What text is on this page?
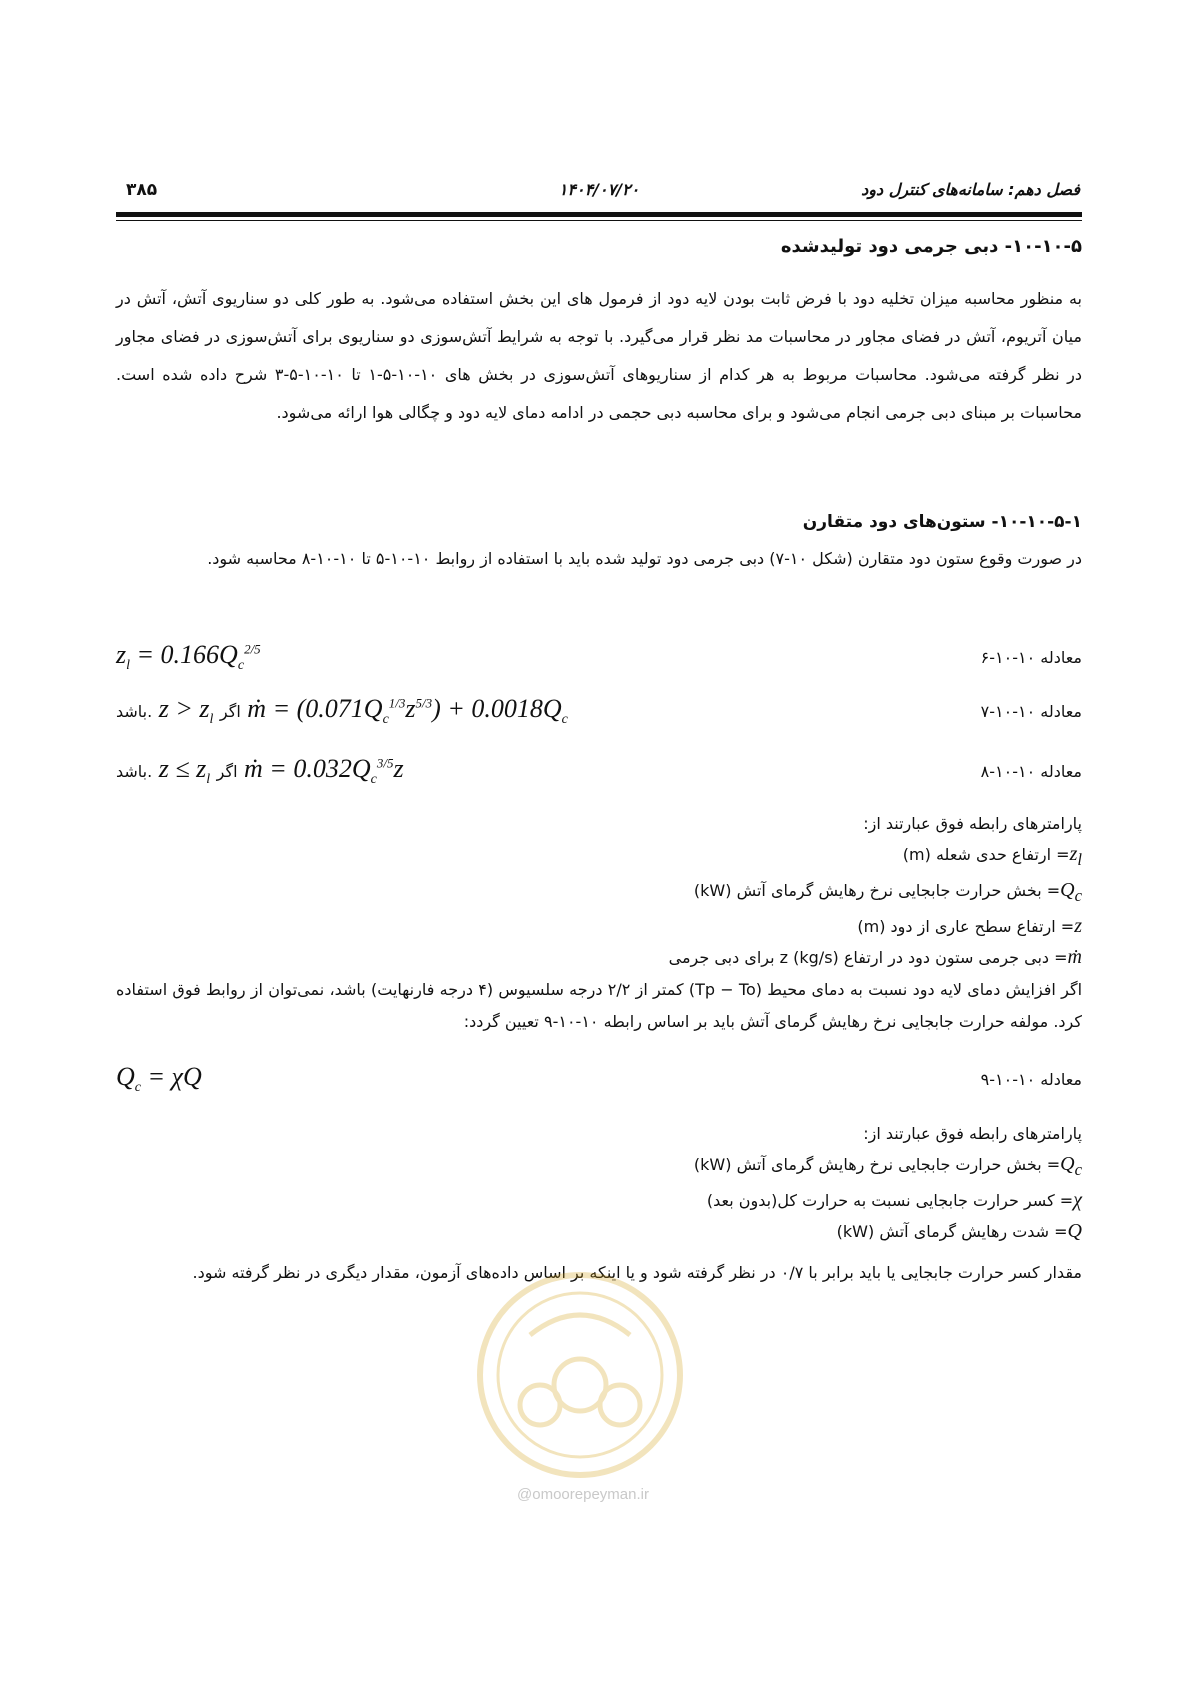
فصل دهم: سامانه‌های کنترل دود
۱۴۰۴/۰۷/۲۰
۳۸۵
۱۰-۱۰-۵- دبی جرمی دود تولیدشده
به منظور محاسبه میزان تخلیه دود با فرض ثابت بودن لایه دود از فرمول های این بخش استفاده می‌شود. به طور کلی دو سناریوی آتش، آتش در میان آتریوم، آتش در فضای مجاور در محاسبات مد نظر قرار می‌گیرد. با توجه به شرایط آتش‌سوزی دو سناریوی برای آتش‌سوزی در فضای مجاور در نظر گرفته می‌شود. محاسبات مربوط به هر کدام از سناریوهای آتش‌سوزی در بخش های ۱۰-۱۰-۵-۱ تا ۱۰-۱۰-۵-۳ شرح داده شده است. محاسبات بر مبنای دبی جرمی انجام می‌شود و برای محاسبه دبی حجمی در ادامه دمای لایه دود و چگالی هوا ارائه می‌شود.
۱۰-۱۰-۵-۱- ستون‌های دود متقارن
در صورت وقوع ستون دود متقارن (شکل ۱۰-۷) دبی جرمی دود تولید شده باید با استفاده از روابط ۱۰-۱۰-۵ تا ۱۰-۱۰-۸ محاسبه شود.
معادله ۱۰-۱۰-۶
$z_l = 0.166Q_c^{2/5}$
معادله ۱۰-۱۰-۷
باشد. $z > z_l$ اگر ṁ = $(0.071Q_c^{1/3}z^{5/3}) + 0.0018Q_c$
معادله ۱۰-۱۰-۸
باشد. $z \le z_l$ اگر ṁ = $0.032Q_c^{3/5}z$
پارامترهای رابطه فوق عبارتند از:
$z_l=$ ارتفاع حدی شعله (m)
$Q_c=$ بخش حرارت جابجایی نرخ رهایش گرمای آتش (kW)
z= ارتفاع سطح عاری از دود (m)
ṁ= دبی جرمی ستون دود در ارتفاع z (kg/s) برای دبی جرمی
اگر افزایش دمای لایه دود نسبت به دمای محیط (Tp − To) کمتر از ۲/۲ درجه سلسیوس (۴ درجه فارنهایت) باشد، نمی‌توان از روابط فوق استفاده کرد. مولفه حرارت جابجایی نرخ رهایش گرمای آتش باید بر اساس رابطه ۱۰-۱۰-۹ تعیین گردد:
معادله ۱۰-۱۰-۹
$Q_c = \chi Q$
پارامترهای رابطه فوق عبارتند از:
$Q_c=$ بخش حرارت جابجایی نرخ رهایش گرمای آتش (kW)
χ= کسر حرارت جابجایی نسبت به حرارت کل(بدون بعد)
Q= شدت رهایش گرمای آتش (kW)
مقدار کسر حرارت جابجایی یا باید برابر با ۰/۷ در نظر گرفته شود و یا اینکه بر اساس داده‌های آزمون، مقدار دیگری در نظر گرفته شود.
@omoorepeyman.ir
